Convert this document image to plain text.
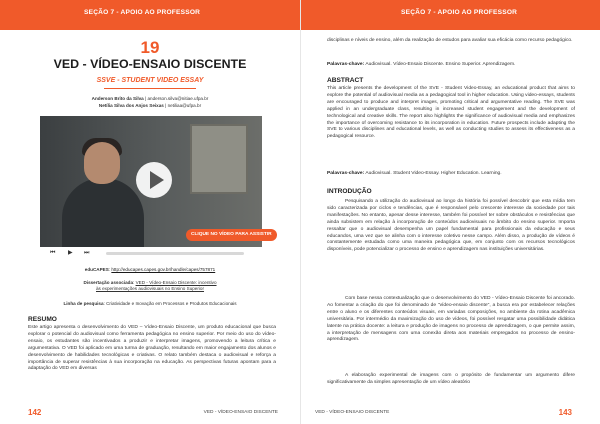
SEÇÃO 7 - APOIO AO PROFESSOR
19
VED - VÍDEO-ENSAIO DISCENTE
SSVE - STUDENT VIDEO ESSAY
Anderson Brito da Silva | anderson.silva@nitiae.ufpa.br
Netília Silva dos Anjos Seixas | netiliaa@ufpa.br
CLIQUE NO VÍDEO PARA ASSISTIR
⏮ ▶ ⏭
eduCAPES: http://educapes.capes.gov.br/handle/capes/757871
Dissertação associada: VED - Vídeo-Ensaio Discente: incentivo
às experimentações audiovisuais no Ensino Superior
Linha de pesquisa: Criatividade e Inovação em Processos e Produtos Educacionais
RESUMO
Este artigo apresenta o desenvolvimento do VED – Vídeo-Ensaio Discente, um produto educacional que busca explorar o potencial do audiovisual como ferramenta pedagógica no ensino superior. Por meio do uso do vídeo-ensaio, os estudantes são incentivados a produzir e interpretar imagens, promovendo a leitura crítica e argumentativa. O VED foi aplicado em uma turma de graduação, resultando em maior engajamento dos alunos e desenvolvimento de habilidades tecnológicas e criativas. O relato também destaca o audiovisual e reforça a importância de superar resistências à sua incorporação na educação. As perspectivas futuras apontam para a adaptação do VED em diversas
142	VED - VÍDEO-ENSAIO DISCENTE
SEÇÃO 7 - APOIO AO PROFESSOR
disciplinas e níveis de ensino, além da realização de estudos para avaliar sua eficácia como recurso pedagógico.
Palavras-chave: Audiovisual. Vídeo-Ensaio Discente. Ensino Superior. Aprendizagem.
ABSTRACT
This article presents the development of the SVE - Student Video-Essay, an educational product that aims to explore the potential of audiovisual media as a pedagogical tool in higher education. Using video-essays, students are encouraged to produce and interpret images, promoting critical and argumentative reading. The SVE was applied in an undergraduate class, resulting in increased student engagement and the development of technological and creative skills. The report also highlights the significance of audiovisual media and emphasizes the importance of overcoming resistance to its incorporation in education. Future prospects include adapting the SVE to various disciplines and educational levels, as well as conducting studies to assess its effectiveness as a pedagogical resource.
Palavras-chave: Audiovisual. Student Video-Essay. Higher Education. Learning.
INTRODUÇÃO
Pesquisando a utilização do audiovisual ao longo da história foi possível descobrir que esta mídia tem sido caracterizada por ciclos e tendências, que é responsável pelo crescente interesse da sociedade por tais manifestações. No entanto, apesar desse interesse, também foi possível ter sobre obstáculos e resistências que ainda subsistem em relação à incorporação de conteúdos audiovisuais no âmbito do ensino superior. Importa ressaltar que o audiovisual desempenha um papel fundamental para profissionais da educação e seus educandos, uma vez que se alinha com o interesse coletivo nesse campo. Além disso, a produção de vídeos é constantemente estudada como uma maneira pedagógica que, em conjunto com os recursos tecnológicos disponíveis, pode potencializar o processo de ensino e aprendizagem nas instituições universitárias.
Com base nessa contextualização que o desenvolvimento do VED - Vídeo-Ensaio Discente foi ancorado. Ao fomentar a criação do que foi denominado de "vídeo-ensaio discente", a busca era por estabelecer relações entre o aluno e os diferentes conteúdos visuais, em variadas composições, no ambiente da rotina acadêmica universitária. Por intermédio da maximização do uso de vídeos, foi possível resgatar uma possibilidade didática latente na prática docente: a leitura e produção de imagens no processo de aprendizagem, o que permite assim, a interpretação de mensagens com uma conexão direta aos materiais empregados no processo de ensino-aprendizagem.
A elaboração experimental de imagens com o propósito de fundamentar um argumento difere significativamente da simples apresentação de um vídeo aleatório
VED - VÍDEO-ENSAIO DISCENTE	143
